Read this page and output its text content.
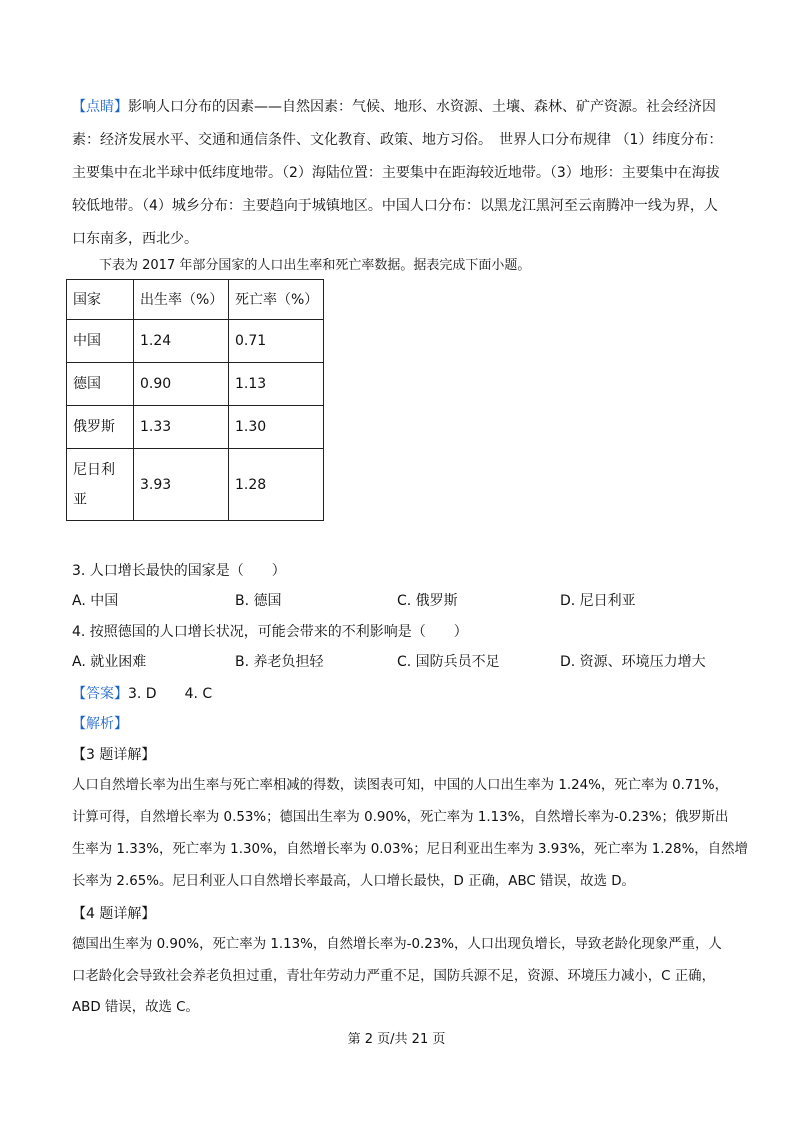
【点睛】影响人口分布的因素——自然因素：气候、地形、水资源、土壤、森林、矿产资源。社会经济因
素：经济发展水平、交通和通信条件、文化教育、政策、地方习俗。　世界人口分布规律 （1）纬度分布：
主要集中在北半球中低纬度地带。（2）海陆位置：主要集中在距海较近地带。（3）地形：主要集中在海拔
较低地带。（4）城乡分布：主要趋向于城镇地区。中国人口分布：以黑龙江黑河至云南腾冲一线为界，人
口东南多，西北少。
下表为 2017 年部分国家的人口出生率和死亡率数据。据表完成下面小题。
国家	出生率（%）	死亡率（%）
中国	1.24	0.71
德国	0.90	1.13
俄罗斯	1.33	1.30

尼日利
亚	3.93	1.28
3. 人口增长最快的国家是（　　）
A. 中国	B. 德国	C. 俄罗斯	D. 尼日利亚
4. 按照德国的人口增长状况，可能会带来的不利影响是（　　）
A. 就业困难	B. 养老负担轻	C. 国防兵员不足	D. 资源、环境压力增大
【答案】3. D　　4. C
【解析】
【3 题详解】
人口自然增长率为出生率与死亡率相减的得数，读图表可知，中国的人口出生率为 1.24%，死亡率为 0.71%，
计算可得，自然增长率为 0.53%；德国出生率为 0.90%，死亡率为 1.13%，自然增长率为-0.23%；俄罗斯出
生率为 1.33%，死亡率为 1.30%，自然增长率为 0.03%；尼日利亚出生率为 3.93%，死亡率为 1.28%，自然增
长率为 2.65%。尼日利亚人口自然增长率最高，人口增长最快，D 正确，ABC 错误，故选 D。
【4 题详解】
德国出生率为 0.90%，死亡率为 1.13%，自然增长率为-0.23%，人口出现负增长，导致老龄化现象严重，人
口老龄化会导致社会养老负担过重，青壮年劳动力严重不足，国防兵源不足，资源、环境压力减小，C 正确，
ABD 错误，故选 C。
第 2 页/共 21 页
